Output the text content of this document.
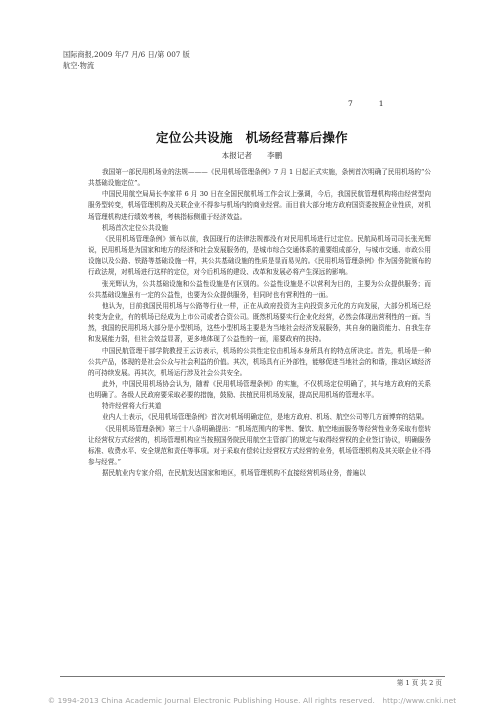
国际商报,2009 年/7 月/6 日/第 007 版
航空·物流
7	1
定位公共设施　机场经营幕后操作
本报记者　　李鹏

我国第一部民用机场业的法规———《民用机场管理条例》7 月 1 日起正式实施，条例首次明确了民用机场的“公共基础设施定位”。

中国民用航空局局长李家祥 6 月 30 日在全国民航机场工作会议上强调，今后，我国民航管理机构将由经营型向服务型转变，机场管理机构及关联企业不得参与机场内的商业经营。而目前大部分地方政府国资委按照企业性质，对机场管理机构进行绩效考核，考核指标侧重于经济效益。

机场首次定位公共设施

《民用机场管理条例》颁布以前，我国现行的法律法规都没有对民用机场进行过定位。民航局机场司司长张光辉说，民用机场是为国家和地方的经济和社会发展服务的，是城市综合交通体系的重要组成部分，与城市交通、市政公用设施以及公路、铁路等基础设施一样，其公共基础设施的性质是显而易见的。《民用机场管理条例》作为国务院颁布的行政法规，对机场进行这样的定位，对今后机场的建设、改革和发展必将产生深远的影响。

张光辉认为，公共基础设施和公益性设施是有区别的。公益性设施是不以营利为目的，主要为公众提供服务；而公共基础设施虽有一定的公益性，也要为公众提供服务，但同时也有营利性的一面。

他认为，目前我国民用机场与公路等行业一样，正在从政府投资为主向投资多元化的方向发展，大部分机场已经转变为企业，有的机场已经成为上市公司或者合资公司。既然机场要实行企业化经营，必然会体现出营利性的一面。当然，我国的民用机场大部分是小型机场，这些小型机场主要是为当地社会经济发展服务，其自身的融资能力、自我生存和发展能力弱，但社会效益显著，更多地体现了公益性的一面，需要政府的扶持。

中国民航管理干部学院教授王云访表示，机场的公共性定位由机场本身所具有的特点所决定。首先，机场是一种公共产品，体现的是社会公众与社会利益的价值。其次，机场具有正外部性，能够促进当地社会的和谐，推动区域经济的可持续发展。再其次，机场运行涉及社会公共安全。

此外，中国民用机场协会认为，随着《民用机场管理条例》的实施，不仅机场定位明确了，其与地方政府的关系也明确了。各级人民政府要采取必要的措施，鼓励、扶植民用机场发展，提高民用机场的管理水平。

特许经营将大行其道

业内人士表示，《民用机场管理条例》首次对机场明确定位，是地方政府、机场、航空公司等几方面博弈的结果。

《民用机场管理条例》第三十八条明确提出：“机场范围内的零售、餐饮、航空地面服务等经营性业务采取有偿转让经营权方式经营的，机场管理机构应当按照国务院民用航空主管部门的规定与取得经营权的企业签订协议，明确服务标准、收费水平、安全规范和责任等事项。对于采取有偿转让经营权方式经营的业务，机场管理机构及其关联企业不得参与经营。”

据民航业内专家介绍，在民航发达国家和地区，机场管理机构不直接经营机场业务，普遍以

第 1 页 共 2 页
© 1994-2013 China Academic Journal Electronic Publishing House. All rights reserved.　http://www.cnki.net
